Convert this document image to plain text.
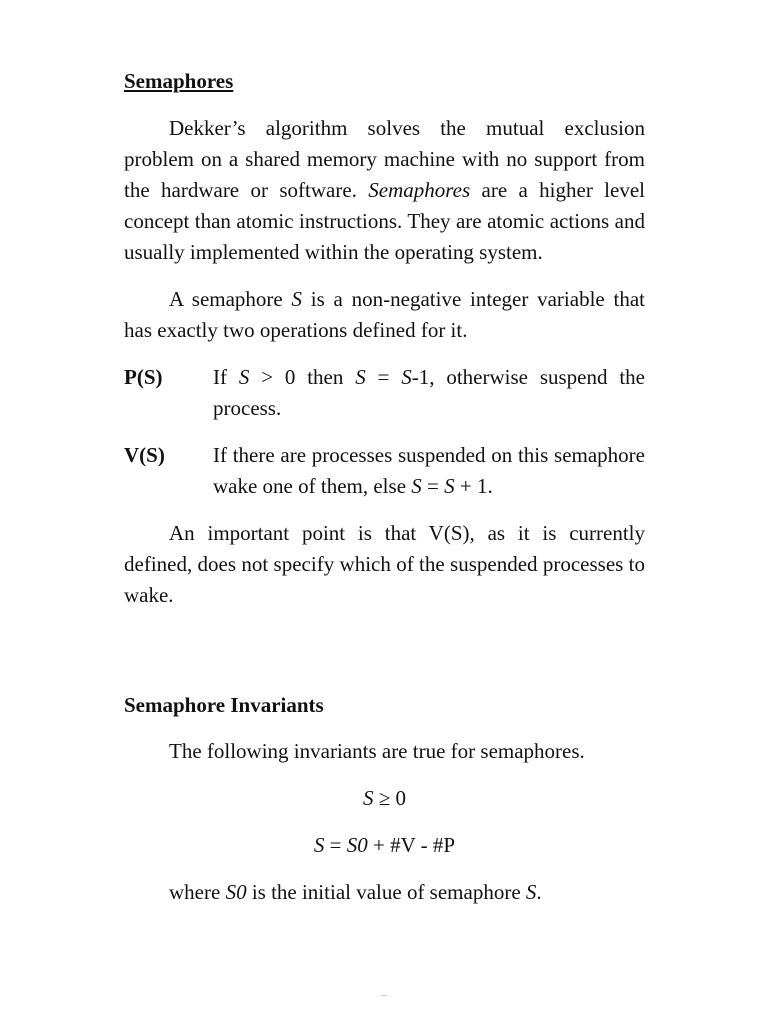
Semaphores

Dekker’s algorithm solves the mutual exclusion problem on a shared memory machine with no support from the hardware or software. Semaphores are a higher level concept than atomic instructions. They are atomic actions and usually implemented within the operating system.

A semaphore S is a non-negative integer variable that has exactly two operations defined for it.

P(S)	If S > 0 then S = S-1, otherwise suspend the process.
V(S)	If there are processes suspended on this semaphore wake one of them, else S = S + 1.

An important point is that V(S), as it is currently defined, does not specify which of the suspended processes to wake.

Semaphore Invariants

The following invariants are true for semaphores.

S ≥ 0

S = S0 + #V - #P

where S0 is the initial value of semaphore S.

--
